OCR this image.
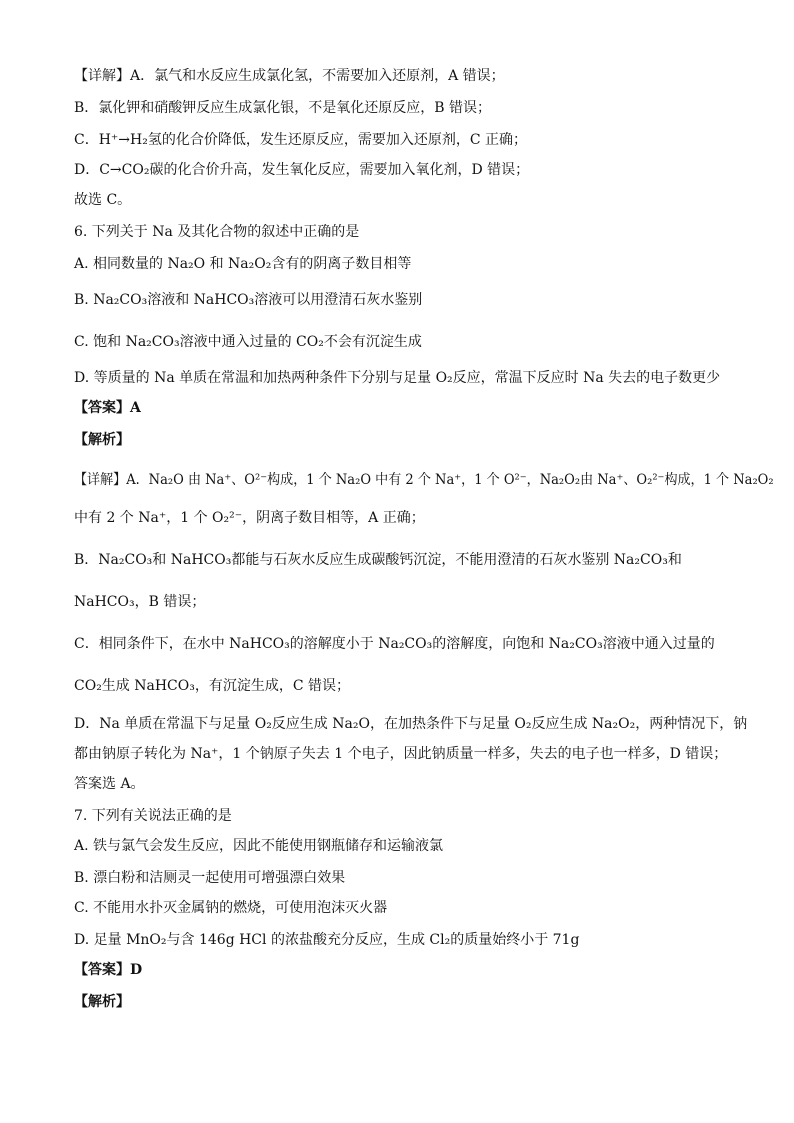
【详解】A．氯气和水反应生成氯化氢，不需要加入还原剂，A 错误；
B．氯化钾和硝酸钾反应生成氯化银，不是氧化还原反应，B 错误；
C．H⁺→H₂氢的化合价降低，发生还原反应，需要加入还原剂，C 正确；
D．C→CO₂碳的化合价升高，发生氧化反应，需要加入氧化剂，D 错误；
故选 C。
6. 下列关于 Na 及其化合物的叙述中正确的是
A. 相同数量的 Na₂O 和 Na₂O₂含有的阴离子数目相等
B. Na₂CO₃溶液和 NaHCO₃溶液可以用澄清石灰水鉴别
C. 饱和 Na₂CO₃溶液中通入过量的 CO₂不会有沉淀生成
D. 等质量的 Na 单质在常温和加热两种条件下分别与足量 O₂反应，常温下反应时 Na 失去的电子数更少
【答案】A
【解析】
【详解】A．Na₂O 由 Na⁺、O²⁻构成，1 个 Na₂O 中有 2 个 Na⁺，1 个 O²⁻，Na₂O₂由 Na⁺、O₂²⁻构成，1 个 Na₂O₂
中有 2 个 Na⁺，1 个 O₂²⁻，阴离子数目相等，A 正确；
B．Na₂CO₃和 NaHCO₃都能与石灰水反应生成碳酸钙沉淀，不能用澄清的石灰水鉴别 Na₂CO₃和
NaHCO₃，B 错误；
C．相同条件下，在水中 NaHCO₃的溶解度小于 Na₂CO₃的溶解度，向饱和 Na₂CO₃溶液中通入过量的
CO₂生成 NaHCO₃，有沉淀生成，C 错误；
D．Na 单质在常温下与足量 O₂反应生成 Na₂O，在加热条件下与足量 O₂反应生成 Na₂O₂，两种情况下，钠
都由钠原子转化为 Na⁺，1 个钠原子失去 1 个电子，因此钠质量一样多，失去的电子也一样多，D 错误；
答案选 A。
7. 下列有关说法正确的是
A. 铁与氯气会发生反应，因此不能使用钢瓶储存和运输液氯
B. 漂白粉和洁厕灵一起使用可增强漂白效果
C. 不能用水扑灭金属钠的燃烧，可使用泡沫灭火器
D. 足量 MnO₂与含 146g HCl 的浓盐酸充分反应，生成 Cl₂的质量始终小于 71g
【答案】D
【解析】
